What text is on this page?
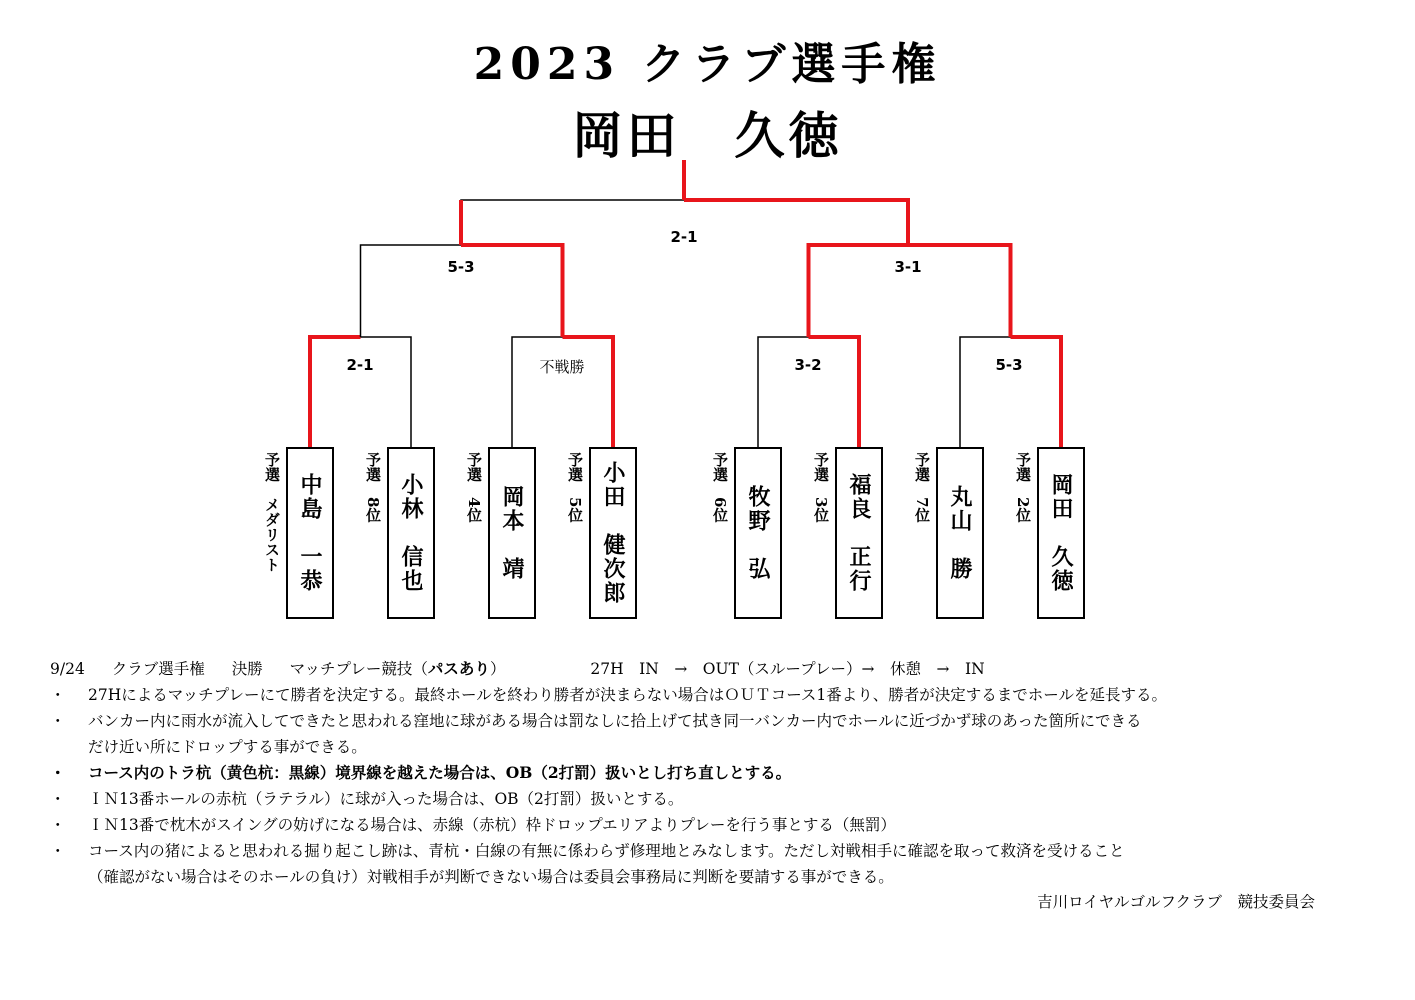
2023 クラブ選手権
岡田　久徳
2-1
5-3	3-1
2-1	不戦勝	3-2	5-3
予選　メダリスト 中島　一恭	予選　8位 小林　信也	予選　4位 岡本　靖	予選　5位 小田　健次郎	予選　6位 牧野　弘	予選　3位 福良　正行	予選　7位 丸山　勝	予選　2位 岡田　久徳
9/24 クラブ選手権 決勝 マッチプレー競技（パスあり）	27H　IN　→　OUT（スループレー）→　休憩　→　IN
・ 27Hによるマッチプレーにて勝者を決定する。最終ホールを終わり勝者が決まらない場合はＯＵＴコース1番より、勝者が決定するまでホールを延長する。
・ バンカー内に雨水が流入してできたと思われる窪地に球がある場合は罰なしに拾上げて拭き同一バンカー内でホールに近づかず球のあった箇所にできる
だけ近い所にドロップする事ができる。
・ コース内のトラ杭（黄色杭：黒線）境界線を越えた場合は、OB（2打罰）扱いとし打ち直しとする。
・ ＩＮ13番ホールの赤杭（ラテラル）に球が入った場合は、OB（2打罰）扱いとする。
・ ＩＮ13番で枕木がスイングの妨げになる場合は、赤線（赤杭）枠ドロップエリアよりプレーを行う事とする（無罰）
・ コース内の猪によると思われる掘り起こし跡は、青杭・白線の有無に係わらず修理地とみなします。ただし対戦相手に確認を取って救済を受けること
（確認がない場合はそのホールの負け）対戦相手が判断できない場合は委員会事務局に判断を要請する事ができる。
吉川ロイヤルゴルフクラブ　競技委員会
